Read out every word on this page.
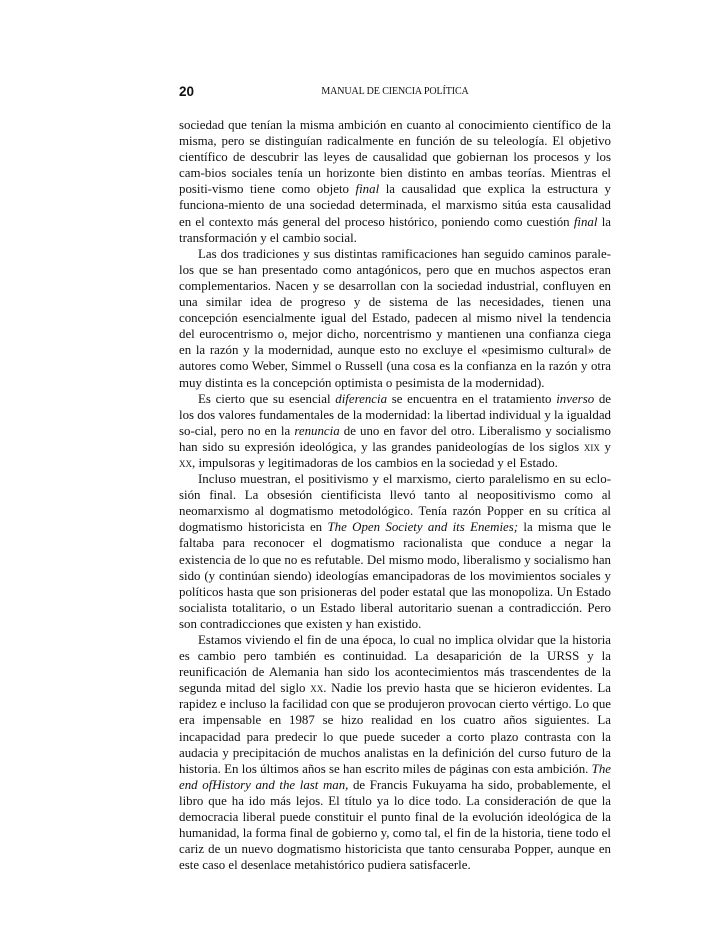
20	MANUAL DE CIENCIA POLÍTICA

sociedad que tenían la misma ambición en cuanto al conocimiento científico de la misma, pero se distinguían radicalmente en función de su teleología. El objetivo científico de descubrir las leyes de causalidad que gobiernan los procesos y los cam-bios sociales tenía un horizonte bien distinto en ambas teorías. Mientras el positi-vismo tiene como objeto final la causalidad que explica la estructura y funciona-miento de una sociedad determinada, el marxismo sitúa esta causalidad en el contexto más general del proceso histórico, poniendo como cuestión final la transformación y el cambio social.

Las dos tradiciones y sus distintas ramificaciones han seguido caminos parale-los que se han presentado como antagónicos, pero que en muchos aspectos eran complementarios. Nacen y se desarrollan con la sociedad industrial, confluyen en una similar idea de progreso y de sistema de las necesidades, tienen una concepción esencialmente igual del Estado, padecen al mismo nivel la tendencia del eurocentrismo o, mejor dicho, norcentrismo y mantienen una confianza ciega en la razón y la modernidad, aunque esto no excluye el «pesimismo cultural» de autores como Weber, Simmel o Russell (una cosa es la confianza en la razón y otra muy distinta es la concepción optimista o pesimista de la modernidad).

Es cierto que su esencial diferencia se encuentra en el tratamiento inverso de los dos valores fundamentales de la modernidad: la libertad individual y la igualdad so-cial, pero no en la renuncia de uno en favor del otro. Liberalismo y socialismo han sido su expresión ideológica, y las grandes panideologías de los siglos xix y xx, impulsoras y legitimadoras de los cambios en la sociedad y el Estado.

Incluso muestran, el positivismo y el marxismo, cierto paralelismo en su eclo-sión final. La obsesión cientificista llevó tanto al neopositivismo como al neomarxismo al dogmatismo metodológico. Tenía razón Popper en su crítica al dogmatismo historicista en The Open Society and its Enemies; la misma que le faltaba para reconocer el dogmatismo racionalista que conduce a negar la existencia de lo que no es refutable. Del mismo modo, liberalismo y socialismo han sido (y continúan siendo) ideologías emancipadoras de los movimientos sociales y políticos hasta que son prisioneras del poder estatal que las monopoliza. Un Estado socialista totalitario, o un Estado liberal autoritario suenan a contradicción. Pero son contradicciones que existen y han existido.

Estamos viviendo el fin de una época, lo cual no implica olvidar que la historia es cambio pero también es continuidad. La desaparición de la URSS y la reunificación de Alemania han sido los acontecimientos más trascendentes de la segunda mitad del siglo xx. Nadie los previo hasta que se hicieron evidentes. La rapidez e incluso la facilidad con que se produjeron provocan cierto vértigo. Lo que era impensable en 1987 se hizo realidad en los cuatro años siguientes. La incapacidad para predecir lo que puede suceder a corto plazo contrasta con la audacia y precipitación de muchos analistas en la definición del curso futuro de la historia. En los últimos años se han escrito miles de páginas con esta ambición. The end ofHistory and the last man, de Francis Fukuyama ha sido, probablemente, el libro que ha ido más lejos. El título ya lo dice todo. La consideración de que la democracia liberal puede constituir el punto final de la evolución ideológica de la humanidad, la forma final de gobierno y, como tal, el fin de la historia, tiene todo el cariz de un nuevo dogmatismo historicista que tanto censuraba Popper, aunque en este caso el desenlace metahistórico pudiera satisfacerle.
